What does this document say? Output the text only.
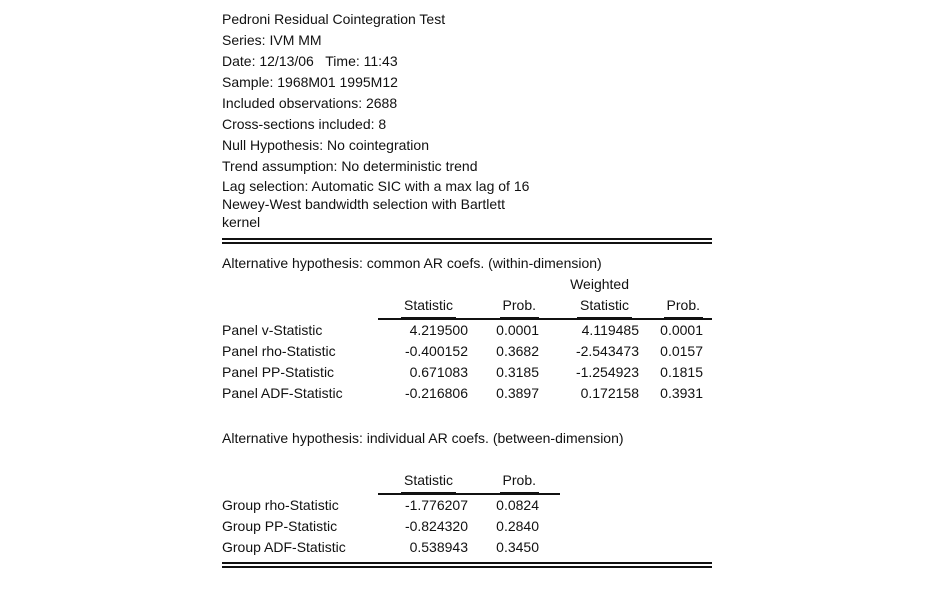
Pedroni Residual Cointegration Test
Series: IVM MM
Date: 12/13/06   Time: 11:43
Sample: 1968M01 1995M12
Included observations: 2688
Cross-sections included: 8
Null Hypothesis: No cointegration
Trend assumption: No deterministic trend
Lag selection: Automatic SIC with a max lag of 16
Newey-West bandwidth selection with Bartlett
kernel
Alternative hypothesis: common AR coefs. (within-dimension)
Weighted
Statistic	Prob.	Statistic	Prob.
Panel v-Statistic	4.219500	0.0001	4.119485	0.0001
Panel rho-Statistic	-0.400152	0.3682	-2.543473	0.0157
Panel PP-Statistic	0.671083	0.3185	-1.254923	0.1815
Panel ADF-Statistic	-0.216806	0.3897	0.172158	0.3931
Alternative hypothesis: individual AR coefs. (between-dimension)
Statistic	Prob.
Group rho-Statistic	-1.776207	0.0824
Group PP-Statistic	-0.824320	0.2840
Group ADF-Statistic	0.538943	0.3450
